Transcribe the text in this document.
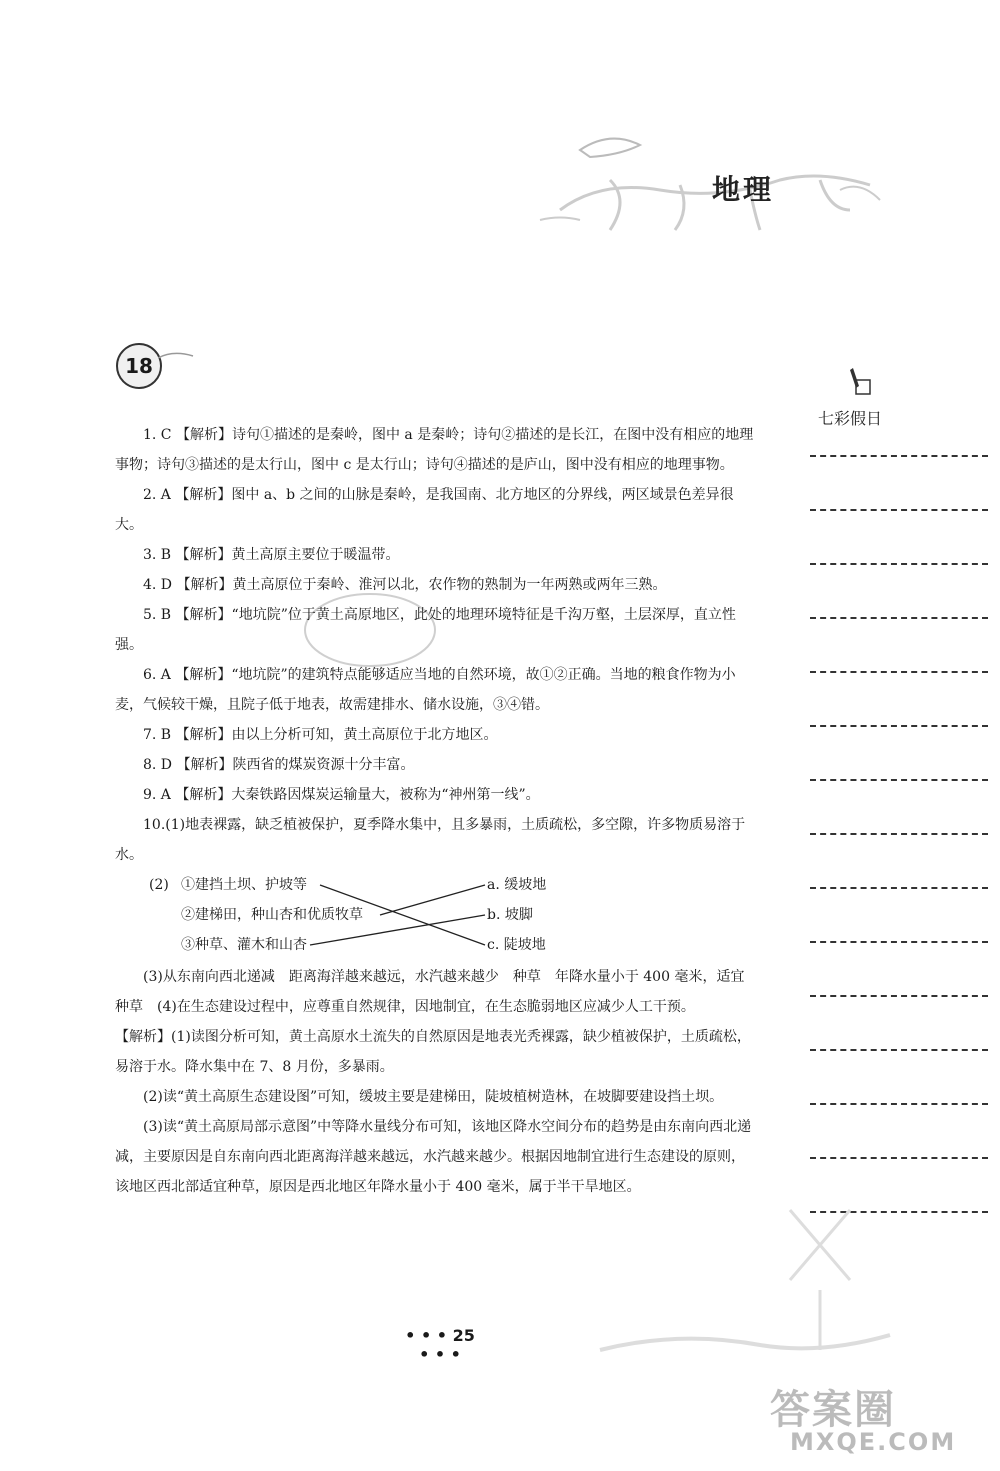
地理
18
七彩假日

1. C 【解析】诗句①描述的是秦岭，图中 a 是秦岭；诗句②描述的是长江，在图中没有相应的地理事物；诗句③描述的是太行山，图中 c 是太行山；诗句④描述的是庐山，图中没有相应的地理事物。

2. A 【解析】图中 a、b 之间的山脉是秦岭，是我国南、北方地区的分界线，两区域景色差异很大。

3. B 【解析】黄土高原主要位于暖温带。

4. D 【解析】黄土高原位于秦岭、淮河以北，农作物的熟制为一年两熟或两年三熟。

5. B 【解析】“地坑院”位于黄土高原地区，此处的地理环境特征是千沟万壑，土层深厚，直立性强。

6. A 【解析】“地坑院”的建筑特点能够适应当地的自然环境，故①②正确。当地的粮食作物为小麦，气候较干燥，且院子低于地表，故需建排水、储水设施，③④错。

7. B 【解析】由以上分析可知，黄土高原位于北方地区。

8. D 【解析】陕西省的煤炭资源十分丰富。

9. A 【解析】大秦铁路因煤炭运输量大，被称为“神州第一线”。

10.(1)地表裸露，缺乏植被保护，夏季降水集中，且多暴雨，土质疏松，多空隙，许多物质易溶于水。

(2) ①建挡土坝、护坡等
②建梯田，种山杏和优质牧草
③种草、灌木和山杏
a. 缓坡地
b. 坡脚
c. 陡坡地

(3)从东南向西北递减　距离海洋越来越远，水汽越来越少　种草　年降水量小于 400 毫米，适宜种草　(4)在生态建设过程中，应尊重自然规律，因地制宜，在生态脆弱地区应减少人工干预。

【解析】(1)读图分析可知，黄土高原水土流失的自然原因是地表光秃裸露，缺少植被保护，土质疏松，易溶于水。降水集中在 7、8 月份，多暴雨。

(2)读“黄土高原生态建设图”可知，缓坡主要是建梯田，陡坡植树造林，在坡脚要建设挡土坝。

(3)读“黄土高原局部示意图”中等降水量线分布可知，该地区降水空间分布的趋势是由东南向西北递减，主要原因是自东南向西北距离海洋越来越远，水汽越来越少。根据因地制宜进行生态建设的原则，该地区西北部适宜种草，原因是西北地区年降水量小于 400 毫米，属于半干旱地区。

• • • 25 • • •
答案圈
MXQE.COM
